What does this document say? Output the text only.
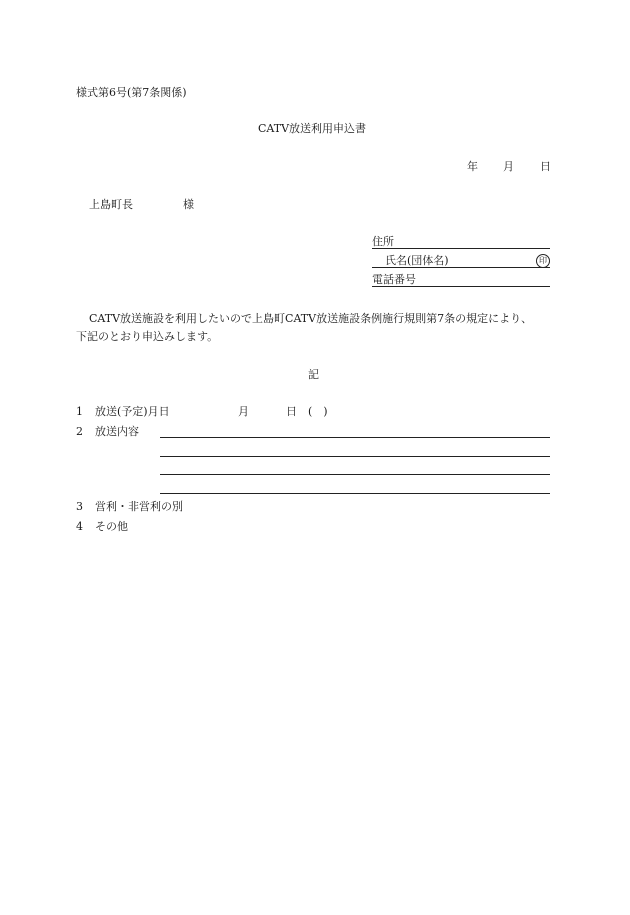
様式第6号(第7条関係)
CATV放送利用申込書
年 月 日
上島町長	様
住所
氏名(団体名)	印
電話番号
CATV放送施設を利用したいので上島町CATV放送施設条例施行規則第7条の規定により、
下記のとおり申込みします。
記
1 放送(予定)月日	月	日 (　)
2 放送内容
3 営利・非営利の別
4 その他
